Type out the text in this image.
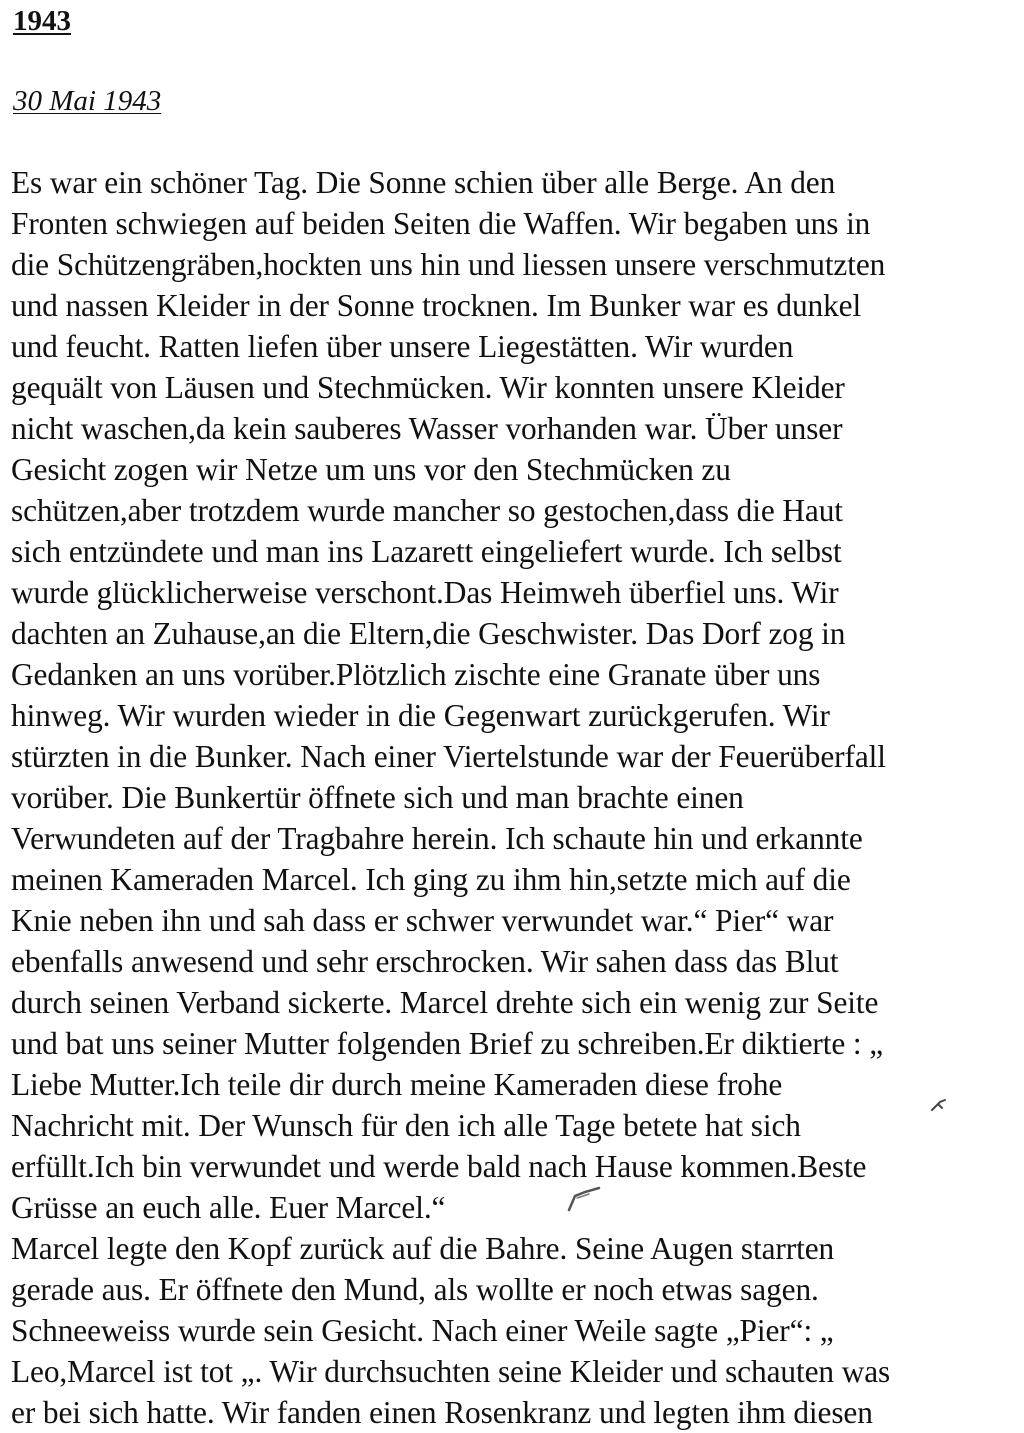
1943
30 Mai 1943
Es war ein schöner Tag. Die Sonne schien über alle Berge. An den
Fronten schwiegen auf beiden Seiten die Waffen. Wir begaben uns in
die Schützengräben,hockten uns hin und liessen unsere verschmutzten
und nassen Kleider in der Sonne trocknen. Im Bunker war es dunkel
und feucht. Ratten liefen über unsere Liegestätten. Wir wurden
gequält von Läusen und Stechmücken. Wir konnten unsere Kleider
nicht waschen,da kein sauberes Wasser vorhanden war. Über unser
Gesicht zogen wir Netze um uns vor den Stechmücken zu
schützen,aber trotzdem wurde mancher so gestochen,dass die Haut
sich entzündete und man ins Lazarett eingeliefert wurde. Ich selbst
wurde glücklicherweise verschont.Das Heimweh überfiel uns. Wir
dachten an Zuhause,an die Eltern,die Geschwister. Das Dorf zog in
Gedanken an uns vorüber.Plötzlich zischte eine Granate über uns
hinweg. Wir wurden wieder in die Gegenwart zurückgerufen. Wir
stürzten in die Bunker. Nach einer Viertelstunde war der Feuerüberfall
vorüber. Die Bunkertür öffnete sich und man brachte einen
Verwundeten auf der Tragbahre herein. Ich schaute hin und erkannte
meinen Kameraden Marcel. Ich ging zu ihm hin,setzte mich auf die
Knie neben ihn und sah dass er schwer verwundet war.“ Pier“ war
ebenfalls anwesend und sehr erschrocken. Wir sahen dass das Blut
durch seinen Verband sickerte. Marcel drehte sich ein wenig zur Seite
und bat uns seiner Mutter folgenden Brief zu schreiben.Er diktierte : „
Liebe Mutter.Ich teile dir durch meine Kameraden diese frohe
Nachricht mit. Der Wunsch für den ich alle Tage betete hat sich
erfüllt.Ich bin verwundet und werde bald nach Hause kommen.Beste
Grüsse an euch alle. Euer Marcel.“
Marcel legte den Kopf zurück auf die Bahre. Seine Augen starrten
gerade aus. Er öffnete den Mund, als wollte er noch etwas sagen.
Schneeweiss wurde sein Gesicht. Nach einer Weile sagte „Pier“: „
Leo,Marcel ist tot „. Wir durchsuchten seine Kleider und schauten was
er bei sich hatte. Wir fanden einen Rosenkranz und legten ihm diesen
